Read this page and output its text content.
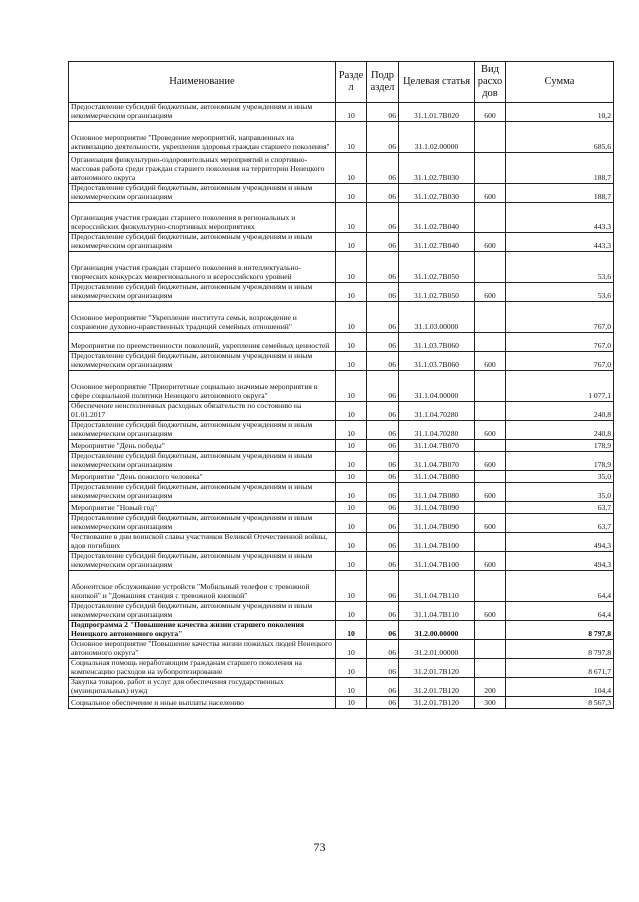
Наименование	Разде л	Подр аздел	Целевая статья	Вид расхо дов	Сумма
Предоставление субсидий бюджетным, автономным учреждениям и иным некоммерческим организациям	10	06	31.1.01.7В020	600	10,2
Основное мероприятие "Проведение мероприятий, направленных на активизацию деятельности, укрепления здоровья граждан старшего поколения"	10	06	31.1.02.00000		685,6
Организация физкультурно-оздоровительных мероприятий и спортивно-массовая работа среди граждан старшего поколения на территории Ненецкого автономного округа	10	06	31.1.02.7В030		188,7
Предоставление субсидий бюджетным, автономным учреждениям и иным некоммерческим организациям	10	06	31.1.02.7В030	600	188,7
Организация участия граждан старшего поколения в региональных и всероссийских физкультурно-спортивных мероприятиях	10	06	31.1.02.7В040		443,3
Предоставление субсидий бюджетным, автономным учреждениям и иным некоммерческим организациям	10	06	31.1.02.7В040	600	443,3
Организация участия граждан старшего поколения в интеллектуально-творческих конкурсах межрегионального и всероссийского уровней	10	06	31.1.02.7В050		53,6
Предоставление субсидий бюджетным, автономным учреждениям и иным некоммерческим организациям	10	06	31.1.02.7В050	600	53,6
Основное мероприятие "Укрепление института семьи, возрождение и сохранение духовно-нравственных традиций семейных отношений"	10	06	31.1.03.00000		767,0
Мероприятия по преемственности поколений, укрепления семейных ценностей	10	06	31.1.03.7В060		767,0
Предоставление субсидий бюджетным, автономным учреждениям и иным некоммерческим организациям	10	06	31.1.03.7В060	600	767,0
Основное мероприятие "Приоритетные социально значимые мероприятия в сфере социальной политики Ненецкого автономного округа"	10	06	31.1.04.00000		1 077,1
Обеспечение неисполненных расходных обязательств по состоянию на 01.01.2017	10	06	31.1.04.70280		240,8
Предоставление субсидий бюджетным, автономным учреждениям и иным некоммерческим организациям	10	06	31.1.04.70280	600	240,8
Мероприятие "День победы"	10	06	31.1.04.7В070		178,9
Предоставление субсидий бюджетным, автономным учреждениям и иным некоммерческим организациям	10	06	31.1.04.7В070	600	178,9
Мероприятие "День пожилого человека"	10	06	31.1.04.7В080		35,0
Предоставление субсидий бюджетным, автономным учреждениям и иным некоммерческим организациям	10	06	31.1.04.7В080	600	35,0
Мероприятие "Новый год"	10	06	31.1.04.7В090		63,7
Предоставление субсидий бюджетным, автономным учреждениям и иным некоммерческим организациям	10	06	31.1.04.7В090	600	63,7
Чествование в дни воинской славы участников Великой Отечественной войны, вдов погибших	10	06	31.1.04.7В100		494,3
Предоставление субсидий бюджетным, автономным учреждениям и иным некоммерческим организациям	10	06	31.1.04.7В100	600	494,3
Абонентское обслуживание устройств "Мобильный телефон с тревожной кнопкой" и "Домашняя станция с тревожной кнопкой"	10	06	31.1.04.7В110		64,4
Предоставление субсидий бюджетным, автономным учреждениям и иным некоммерческим организациям	10	06	31.1.04.7В110	600	64,4
Подпрограмма 2 "Повышение качества жизни старшего поколения Ненецкого автономного округа"	10	06	31.2.00.00000		8 797,8
Основное мероприятие "Повышение качества жизни пожилых людей Ненецкого автономного округа"	10	06	31.2.01.00000		8 797,8
Социальная помощь неработающим гражданам старшего поколения на компенсацию расходов на зубопротезирование	10	06	31.2.01.7В120		8 671,7
Закупка товаров, работ и услуг для обеспечения государственных (муниципальных) нужд	10	06	31.2.01.7В120	200	104,4
Социальное обеспечение и иные выплаты населению	10	06	31.2.01.7В120	300	8 567,3
73
